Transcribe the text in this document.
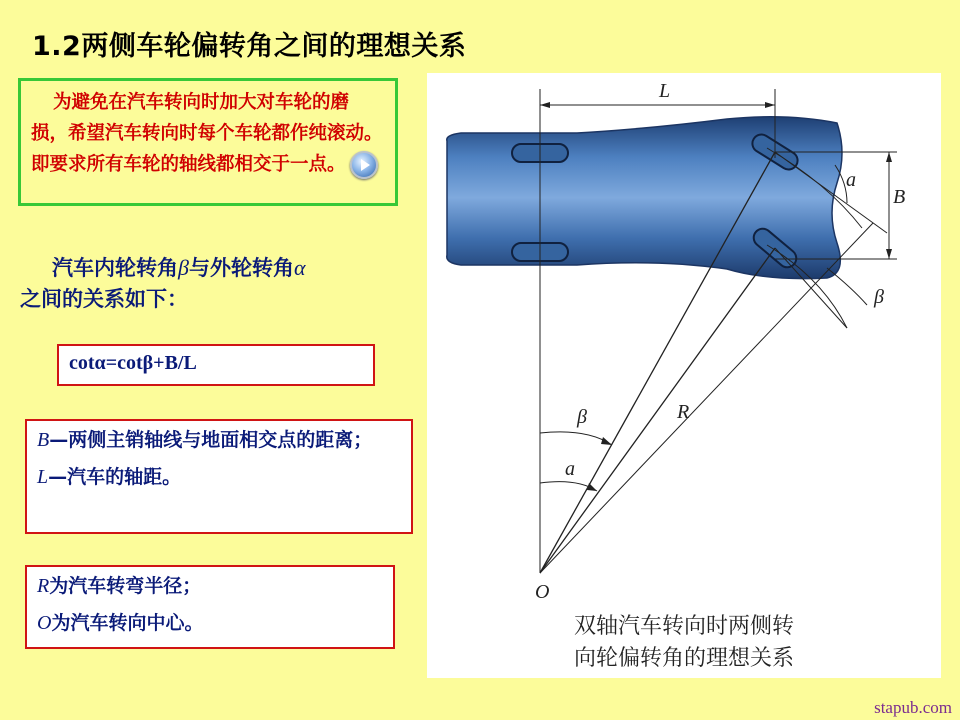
1.2两侧车轮偏转角之间的理想关系
为避免在汽车转向时加大对车轮的磨损，希望汽车转向时每个车轮都作纯滚动。即要求所有车轮的轴线都相交于一点。
汽车内轮转角β与外轮转角α
之间的关系如下：
cotα=cotβ+B/L
B—两侧主销轴线与地面相交点的距离；
L—汽车的轴距。
R为汽车转弯半径；
O为汽车转向中心。
L
B
a
β
R
β
a
O
双轴汽车转向时两侧转
向轮偏转角的理想关系
stapub.com
